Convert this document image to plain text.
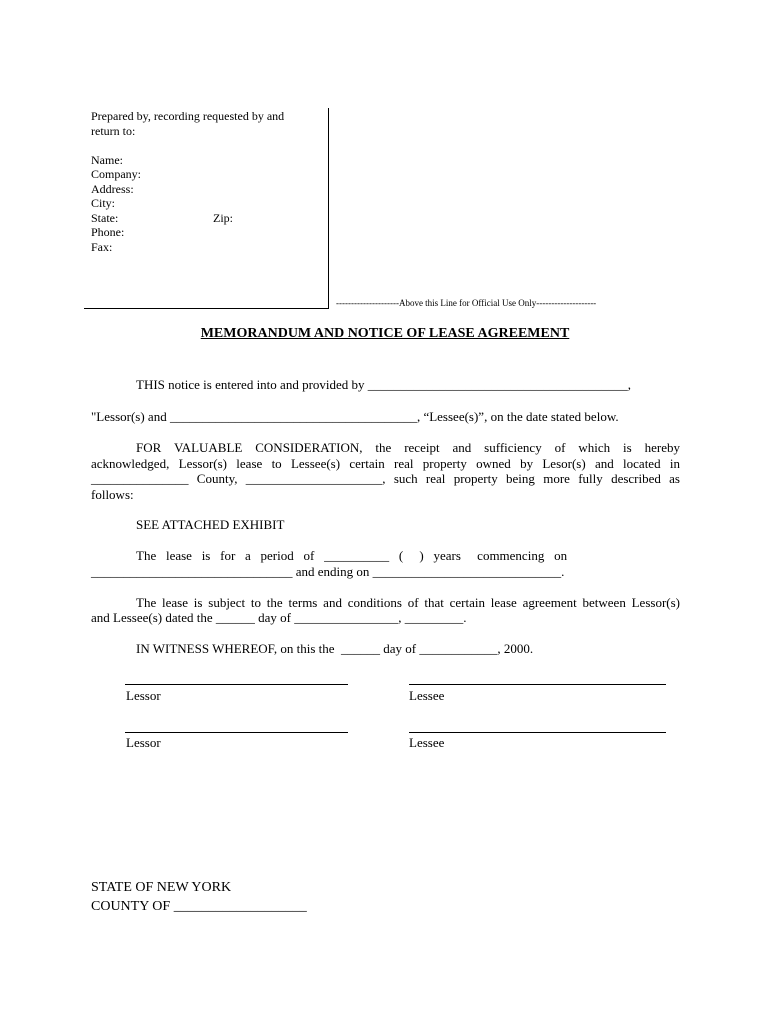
Prepared by, recording requested by and
return to:
Name:
Company:
Address:
City:
State:	Zip:
Phone:
Fax:
---------------------Above this Line for Official Use Only--------------------
MEMORANDUM AND NOTICE OF LEASE AGREEMENT
THIS notice is entered into and provided by ________________________________________,
"Lessor(s) and ______________________________________, “Lessee(s)”, on the date stated below.
FOR VALUABLE CONSIDERATION, the receipt and sufficiency of which is hereby
acknowledged, Lessor(s) lease to Lessee(s) certain real property owned by Lesor(s) and located in
_______________ County, _____________________, such real property being more fully described as
follows:
SEE ATTACHED EXHIBIT
The   lease   is   for   a   period   of   __________   (     )   years     commencing   on
_______________________________ and ending on _____________________________.
The lease is subject to the terms and conditions of that certain lease agreement between Lessor(s)
and Lessee(s) dated the ______ day of ________________, _________.
IN WITNESS WHEREOF, on this the  ______ day of ____________, 2000.
Lessor	Lessee
Lessor	Lessee
STATE OF NEW YORK
COUNTY OF ___________________
